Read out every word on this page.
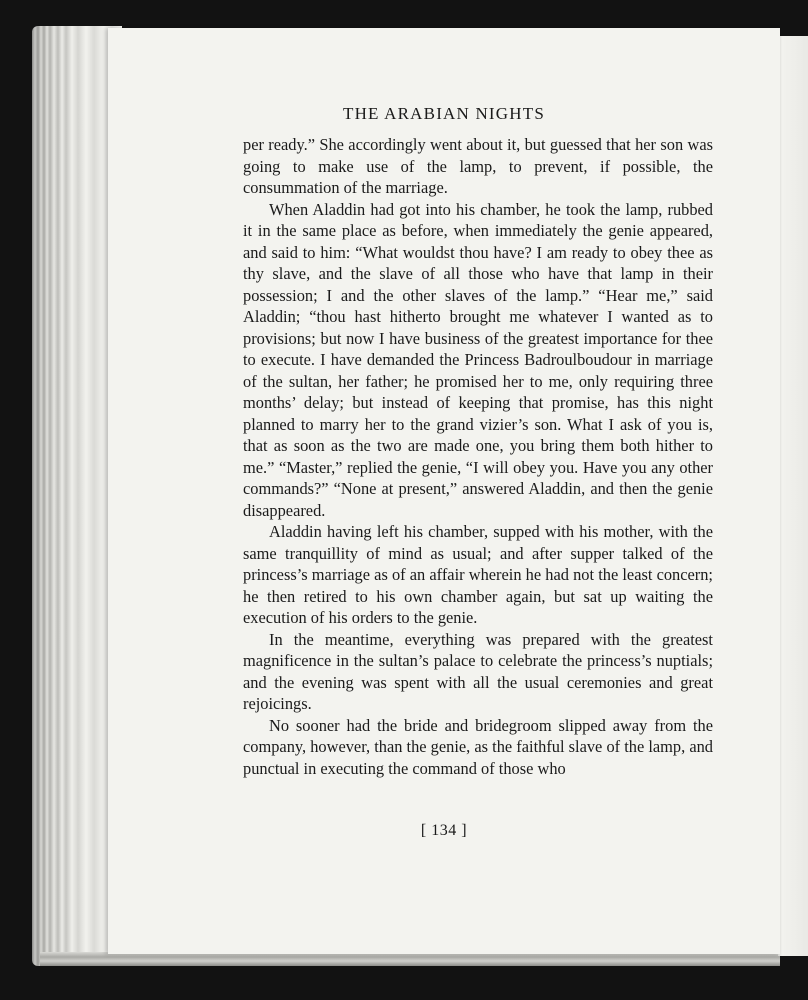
THE ARABIAN NIGHTS

per ready.” She accordingly went about it, but guessed that her son was going to make use of the lamp, to prevent, if possible, the consummation of the marriage.

When Aladdin had got into his chamber, he took the lamp, rubbed it in the same place as before, when immediately the genie appeared, and said to him: “What wouldst thou have? I am ready to obey thee as thy slave, and the slave of all those who have that lamp in their possession; I and the other slaves of the lamp.” “Hear me,” said Aladdin; “thou hast hitherto brought me whatever I wanted as to provisions; but now I have business of the greatest importance for thee to execute. I have demanded the Princess Badroulboudour in marriage of the sultan, her father; he promised her to me, only requiring three months’ delay; but instead of keeping that promise, has this night planned to marry her to the grand vizier’s son. What I ask of you is, that as soon as the two are made one, you bring them both hither to me.” “Master,” replied the genie, “I will obey you. Have you any other commands?” “None at present,” answered Aladdin, and then the genie disappeared.

Aladdin having left his chamber, supped with his mother, with the same tranquillity of mind as usual; and after supper talked of the princess’s marriage as of an affair wherein he had not the least concern; he then retired to his own chamber again, but sat up waiting the execution of his orders to the genie.

In the meantime, everything was prepared with the greatest magnificence in the sultan’s palace to celebrate the princess’s nuptials; and the evening was spent with all the usual ceremonies and great rejoicings.

No sooner had the bride and bridegroom slipped away from the company, however, than the genie, as the faithful slave of the lamp, and punctual in executing the command of those who

[ 134 ]
